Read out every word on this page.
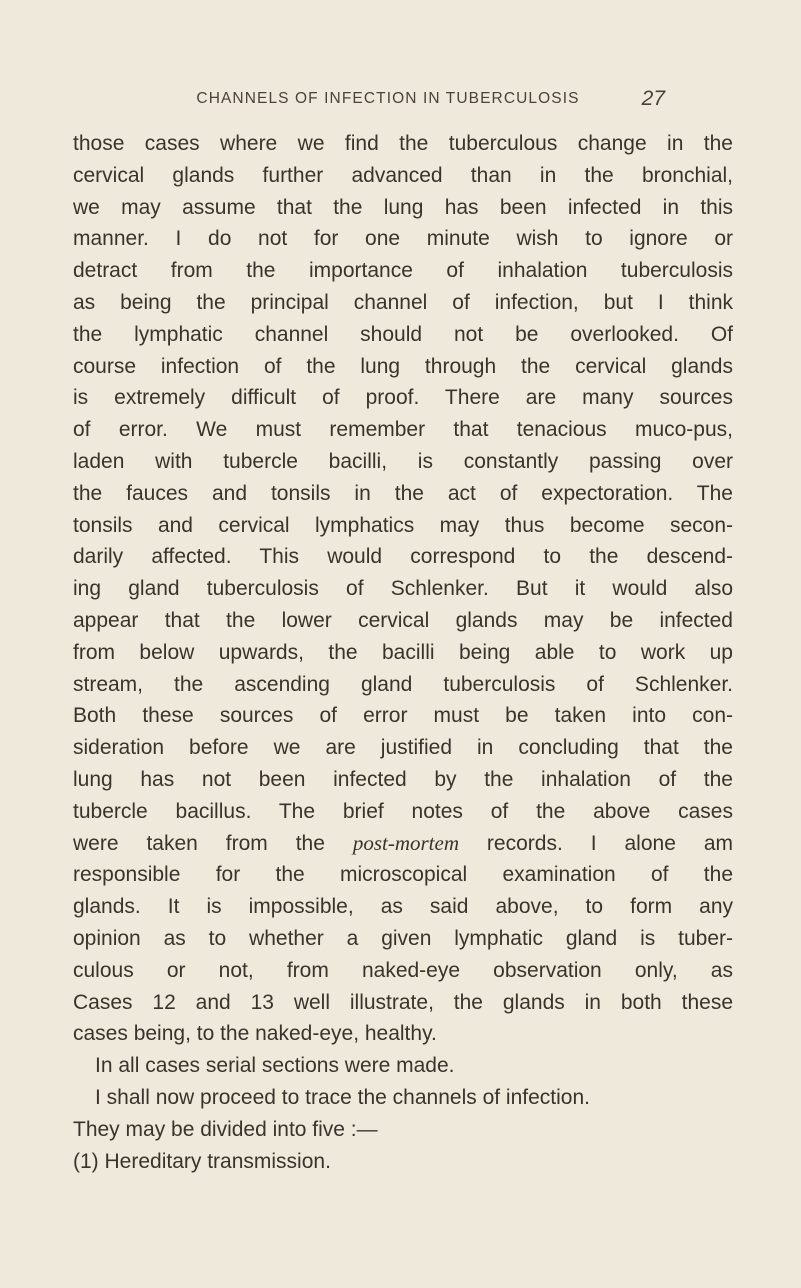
CHANNELS OF INFECTION IN TUBERCULOSIS	27
those cases where we find the tuberculous change in the
cervical glands further advanced than in the bronchial,
we may assume that the lung has been infected in this
manner. I do not for one minute wish to ignore or
detract from the importance of inhalation tuberculosis
as being the principal channel of infection, but I think
the lymphatic channel should not be overlooked. Of
course infection of the lung through the cervical glands
is extremely difficult of proof. There are many sources
of error. We must remember that tenacious muco-pus,
laden with tubercle bacilli, is constantly passing over
the fauces and tonsils in the act of expectoration. The
tonsils and cervical lymphatics may thus become secon-
darily affected. This would correspond to the descend-
ing gland tuberculosis of Schlenker. But it would also
appear that the lower cervical glands may be infected
from below upwards, the bacilli being able to work up
stream, the ascending gland tuberculosis of Schlenker.
Both these sources of error must be taken into con-
sideration before we are justified in concluding that the
lung has not been infected by the inhalation of the
tubercle bacillus. The brief notes of the above cases
were taken from the post-mortem records. I alone am
responsible for the microscopical examination of the
glands. It is impossible, as said above, to form any
opinion as to whether a given lymphatic gland is tuber-
culous or not, from naked-eye observation only, as
Cases 12 and 13 well illustrate, the glands in both these
cases being, to the naked-eye, healthy.
In all cases serial sections were made.
I shall now proceed to trace the channels of infection.
They may be divided into five :—
(1) Hereditary transmission.
